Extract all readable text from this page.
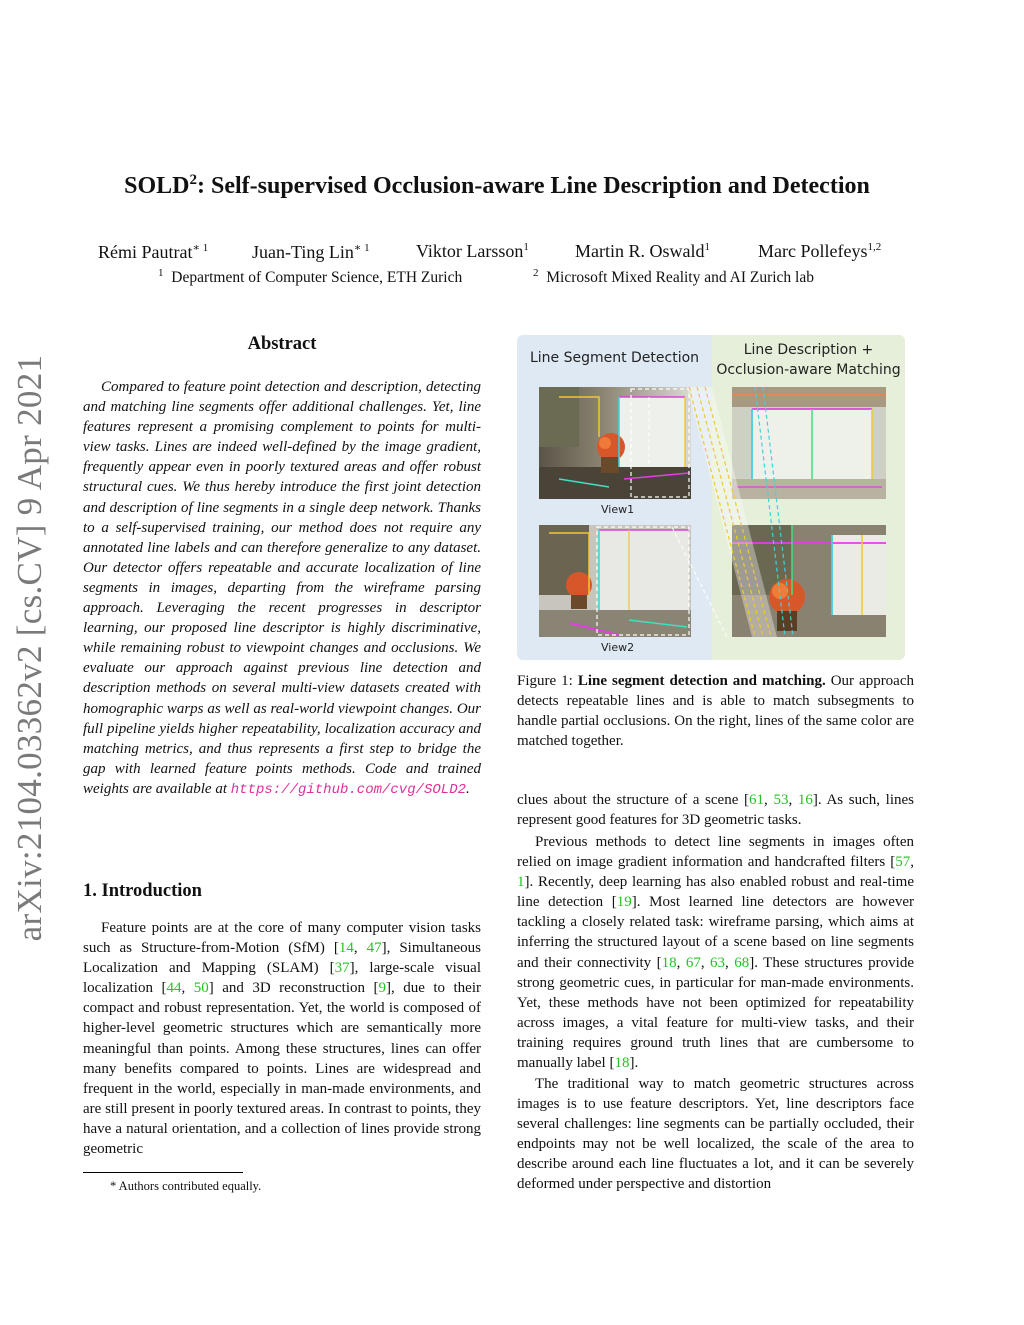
arXiv:2104.03362v2 [cs.CV] 9 Apr 2021
SOLD$^2$: Self-supervised Occlusion-aware Line Description and Detection
Rémi Pautrat$^{∗ 1}$ Juan-Ting Lin$^{∗ 1}$	Viktor Larsson$^1$	Martin R. Oswald$^1$	Marc Pollefeys$^{1,2}$
$^1$ Department of Computer Science, ETH Zurich	$^2$ Microsoft Mixed Reality and AI Zurich lab
Abstract

Compared to feature point detection and description, detecting and matching line segments offer additional challenges. Yet, line features represent a promising complement to points for multi-view tasks. Lines are indeed well-defined by the image gradient, frequently appear even in poorly textured areas and offer robust structural cues. We thus hereby introduce the first joint detection and description of line segments in a single deep network. Thanks to a self-supervised training, our method does not require any annotated line labels and can therefore generalize to any dataset. Our detector offers repeatable and accurate localization of line segments in images, departing from the wireframe parsing approach. Leveraging the recent progresses in descriptor learning, our proposed line descriptor is highly discriminative, while remaining robust to viewpoint changes and occlusions. We evaluate our approach against previous line detection and description methods on several multi-view datasets created with homographic warps as well as real-world viewpoint changes. Our full pipeline yields higher repeatability, localization accuracy and matching metrics, and thus represents a first step to bridge the gap with learned feature points methods. Code and trained weights are available at https://github.com/cvg/SOLD2.

1. Introduction

Feature points are at the core of many computer vision tasks such as Structure-from-Motion (SfM) [14, 47], Simultaneous Localization and Mapping (SLAM) [37], large-scale visual localization [44, 50] and 3D reconstruction [9], due to their compact and robust representation. Yet, the world is composed of higher-level geometric structures which are semantically more meaningful than points. Among these structures, lines can offer many benefits compared to points. Lines are widespread and frequent in the world, especially in man-made environments, and are still present in poorly textured areas. In contrast to points, they have a natural orientation, and a collection of lines provide strong geometric

* Authors contributed equally.
Line Segment Detection	Line Description +
Occlusion-aware Matching
View1
View2
Figure 1: Line segment detection and matching. Our approach detects repeatable lines and is able to match subsegments to handle partial occlusions. On the right, lines of the same color are matched together.

clues about the structure of a scene [61, 53, 16]. As such, lines represent good features for 3D geometric tasks.

Previous methods to detect line segments in images often relied on image gradient information and handcrafted filters [57, 1]. Recently, deep learning has also enabled robust and real-time line detection [19]. Most learned line detectors are however tackling a closely related task: wireframe parsing, which aims at inferring the structured layout of a scene based on line segments and their connectivity [18, 67, 63, 68]. These structures provide strong geometric cues, in particular for man-made environments. Yet, these methods have not been optimized for repeatability across images, a vital feature for multi-view tasks, and their training requires ground truth lines that are cumbersome to manually label [18].

The traditional way to match geometric structures across images is to use feature descriptors. Yet, line descriptors face several challenges: line segments can be partially occluded, their endpoints may not be well localized, the scale of the area to describe around each line fluctuates a lot, and it can be severely deformed under perspective and distortion
